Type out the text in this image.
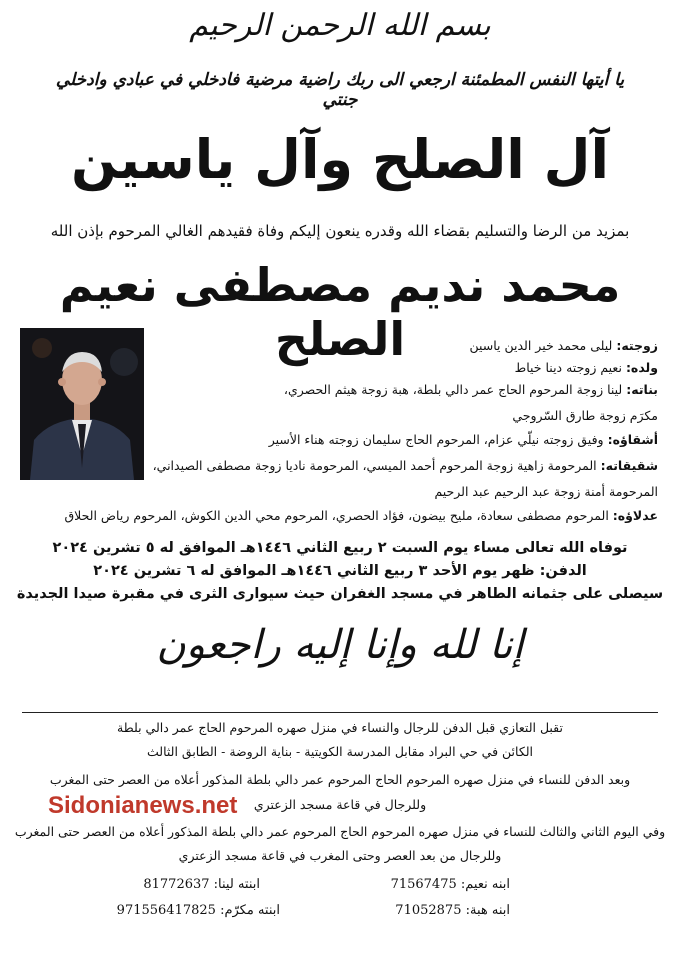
بسم الله الرحمن الرحيم
يا أيتها النفس المطمئنة ارجعي الى ربك راضية مرضية فادخلي في عبادي وادخلي جنتي
آل الصلح وآل ياسين
بمزيد من الرضا والتسليم بقضاء الله وقدره ينعون إليكم وفاة فقيدهم الغالي المرحوم بإذن الله
محمد نديم مصطفى نعيم الصلح	زوجته: ليلى محمد خير الدين ياسين
ولده: نعيم زوجته دينا خياط
بناته: لينا زوجة المرحوم الحاج عمر دالي بلطة، هبة زوجة هيثم الحصري،
مكرَم زوجة طارق السّروجي
أشقاؤه: وفيق زوجته نيلّي عزام، المرحوم الحاج سليمان زوجته هناء الأسير
شقيقاته: المرحومة زاهية زوجة المرحوم أحمد الميسي، المرحومة ناديا زوجة مصطفى الصيداني،
المرحومة أمنة زوجة عبد الرحيم عبد الرحيم
عدلاؤه: المرحوم مصطفى سعادة، مليح بيضون، فؤاد الحصري، المرحوم محي الدين الكوش، المرحوم رياض الحلاق
توفاه الله تعالى مساء يوم السبت ٢ ربيع الثاني ١٤٤٦هـ الموافق له ٥ تشرين ٢٠٢٤
الدفن: ظهر يوم الأحد ٣ ربيع الثاني ١٤٤٦هـ الموافق له ٦ تشرين ٢٠٢٤
سيصلى على جثمانه الطاهر في مسجد الغفران حيث سيوارى الثرى في مقبرة صيدا الجديدة
إنا لله وإنا إليه راجعون
تقبل التعازي قبل الدفن للرجال والنساء في منزل صهره المرحوم الحاج عمر دالي بلطة
الكائن في حي البراد مقابل المدرسة الكويتية - بناية الروضة - الطابق الثالث
وبعد الدفن للنساء في منزل صهره المرحوم الحاج المرحوم عمر دالي بلطة المذكور أعلاه من العصر حتى المغرب
وللرجال في قاعة مسجد الزعتري
وفي اليوم الثاني والثالث للنساء في منزل صهره المرحوم الحاج المرحوم عمر دالي بلطة المذكور أعلاه من العصر حتى المغرب
وللرجال من بعد العصر وحتى المغرب في قاعة مسجد الزعتري
Sidonianews.net
ابنه نعيم: 71567475
ابنته لينا: 81772637
ابنه هبة: 71052875
ابنته مكرّم: 971556417825
